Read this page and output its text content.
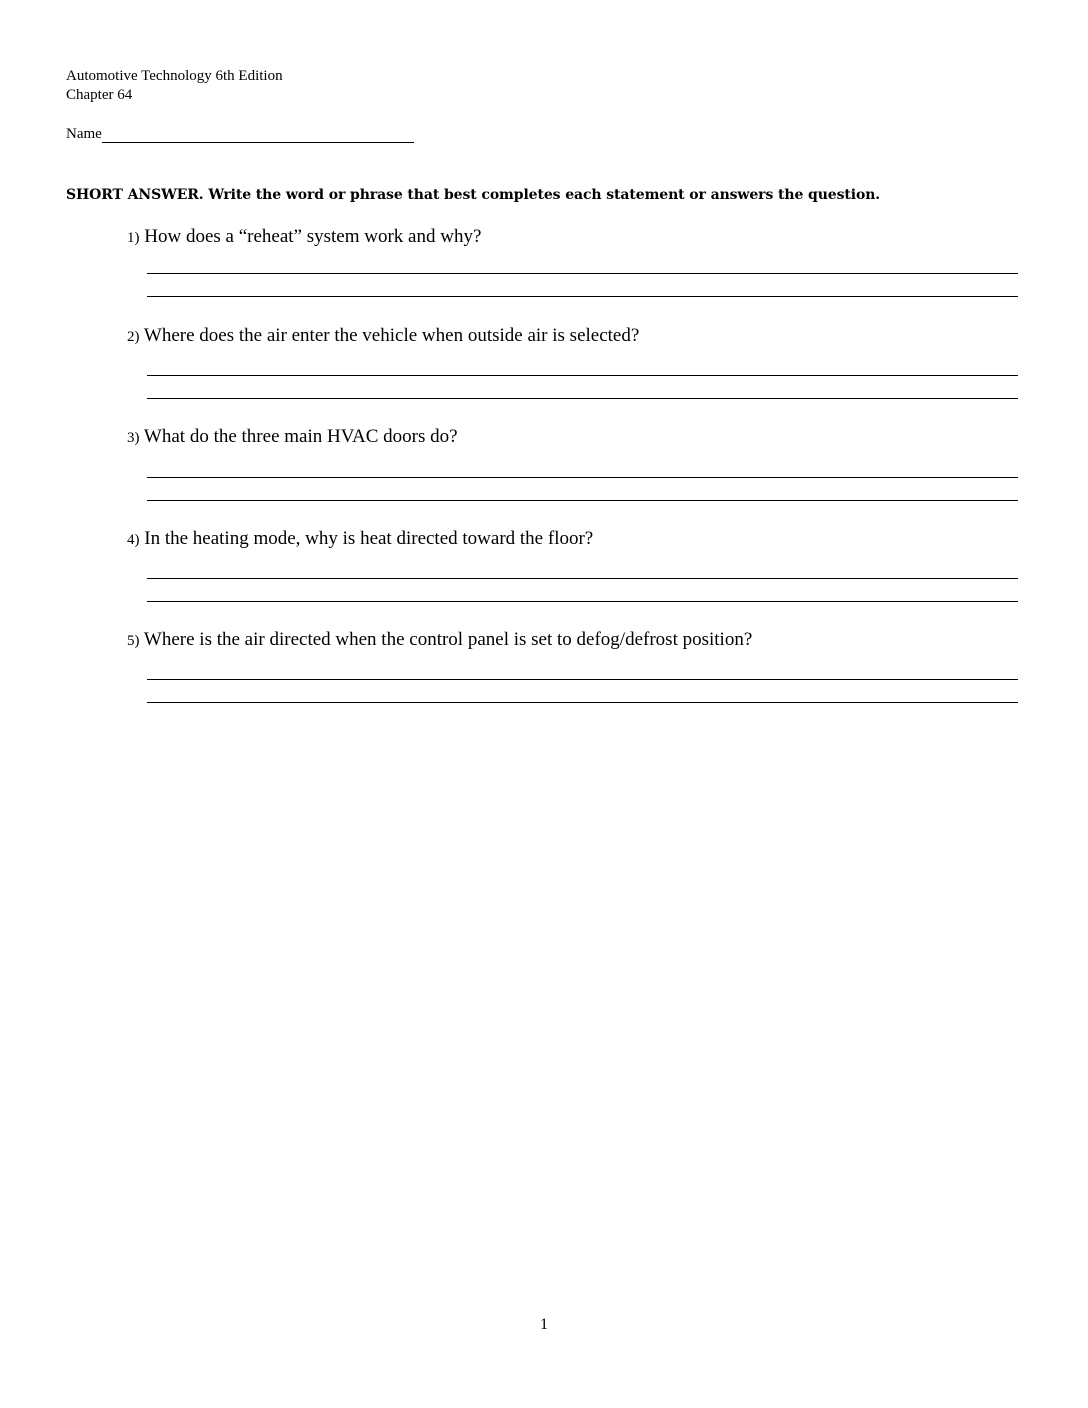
Automotive Technology 6th Edition
Chapter 64
Name
SHORT ANSWER. Write the word or phrase that best completes each statement or answers the question.
1) How does a “reheat” system work and why?
2) Where does the air enter the vehicle when outside air is selected?
3) What do the three main HVAC doors do?
4) In the heating mode, why is heat directed toward the floor?
5) Where is the air directed when the control panel is set to defog/defrost position?
1
